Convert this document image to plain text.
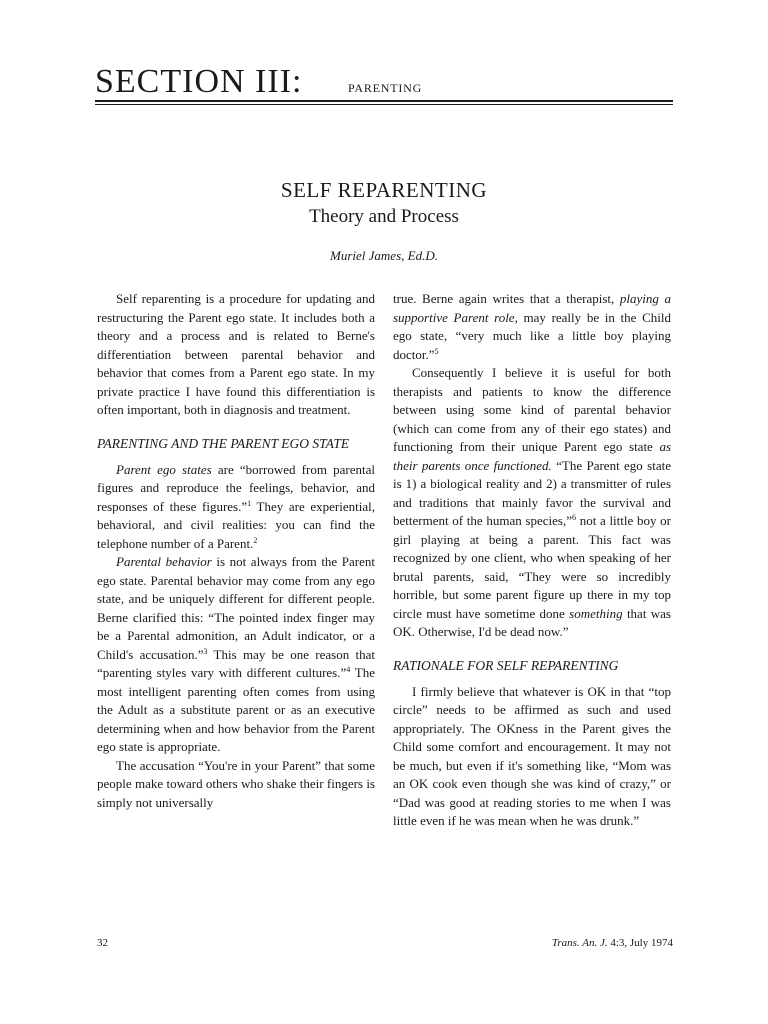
SECTION III:	PARENTING
SELF REPARENTING
Theory and Process
Muriel James, Ed.D.

Self reparenting is a procedure for updating and restructuring the Parent ego state. It includes both a theory and a process and is related to Berne's differentiation between parental behavior and behavior that comes from a Parent ego state. In my private practice I have found this differentiation is often important, both in diagnosis and treatment.

PARENTING AND THE PARENT EGO STATE

Parent ego states are “borrowed from parental figures and reproduce the feelings, behavior, and responses of these figures.”$^1$ They are experiential, behavioral, and civil realities: you can find the telephone number of a Parent.$^2$

Parental behavior is not always from the Parent ego state. Parental behavior may come from any ego state, and be uniquely different for different people. Berne clarified this: “The pointed index finger may be a Parental admonition, an Adult indicator, or a Child's accusation.”$^3$ This may be one reason that “parenting styles vary with different cultures.”$^4$ The most intelligent parenting often comes from using the Adult as a substitute parent or as an executive determining when and how behavior from the Parent ego state is appropriate.

The accusation “You're in your Parent” that some people make toward others who shake their fingers is simply not universally

true. Berne again writes that a therapist, playing a supportive Parent role, may really be in the Child ego state, “very much like a little boy playing doctor.”$^5$

Consequently I believe it is useful for both therapists and patients to know the difference between using some kind of parental behavior (which can come from any of their ego states) and functioning from their unique Parent ego state as their parents once functioned. “The Parent ego state is 1) a biological reality and 2) a transmitter of rules and traditions that mainly favor the survival and betterment of the human species,”$^6$ not a little boy or girl playing at being a parent. This fact was recognized by one client, who when speaking of her brutal parents, said, “They were so incredibly horrible, but some parent figure up there in my top circle must have sometime done something that was OK. Otherwise, I'd be dead now.”

RATIONALE FOR SELF REPARENTING

I firmly believe that whatever is OK in that “top circle” needs to be affirmed as such and used appropriately. The OKness in the Parent gives the Child some comfort and encouragement. It may not be much, but even if it's something like, “Mom was an OK cook even though she was kind of crazy,” or “Dad was good at reading stories to me when I was little even if he was mean when he was drunk.”

32	Trans. An. J. 4:3, July 1974
